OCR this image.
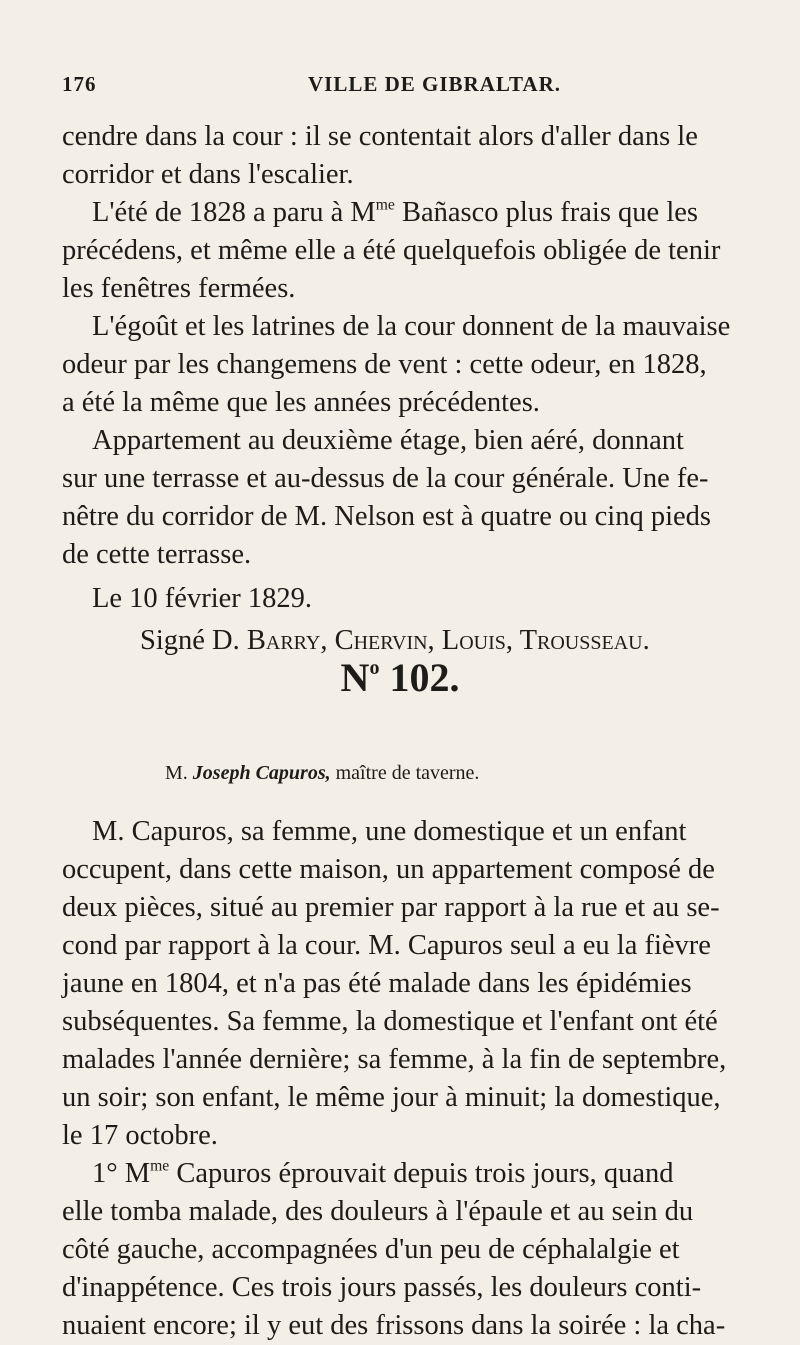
176	VILLE DE GIBRALTAR.
cendre dans la cour : il se contentait alors d'aller dans le
corridor et dans l'escalier.
L'été de 1828 a paru à $M^{me}$ Bañasco plus frais que les
précédens, et même elle a été quelquefois obligée de tenir
les fenêtres fermées.
L'égoût et les latrines de la cour donnent de la mauvaise
odeur par les changemens de vent : cette odeur, en 1828,
a été la même que les années précédentes.
Appartement au deuxième étage, bien aéré, donnant
sur une terrasse et au-dessus de la cour générale. Une fe-
nêtre du corridor de M. Nelson est à quatre ou cinq pieds
de cette terrasse.
Le 10 février 1829.
Signé D. Barry, Chervin, Louis, Trousseau.
$N^o$ 102.
M. Joseph Capuros, maître de taverne.
M. Capuros, sa femme, une domestique et un enfant
occupent, dans cette maison, un appartement composé de
deux pièces, situé au premier par rapport à la rue et au se-
cond par rapport à la cour. M. Capuros seul a eu la fièvre
jaune en 1804, et n'a pas été malade dans les épidémies
subséquentes. Sa femme, la domestique et l'enfant ont été
malades l'année dernière; sa femme, à la fin de septembre,
un soir; son enfant, le même jour à minuit; la domestique,
le 17 octobre.
1° $M^{me}$ Capuros éprouvait depuis trois jours, quand
elle tomba malade, des douleurs à l'épaule et au sein du
côté gauche, accompagnées d'un peu de céphalalgie et
d'inappétence. Ces trois jours passés, les douleurs conti-
nuaient encore; il y eut des frissons dans la soirée : la cha-
